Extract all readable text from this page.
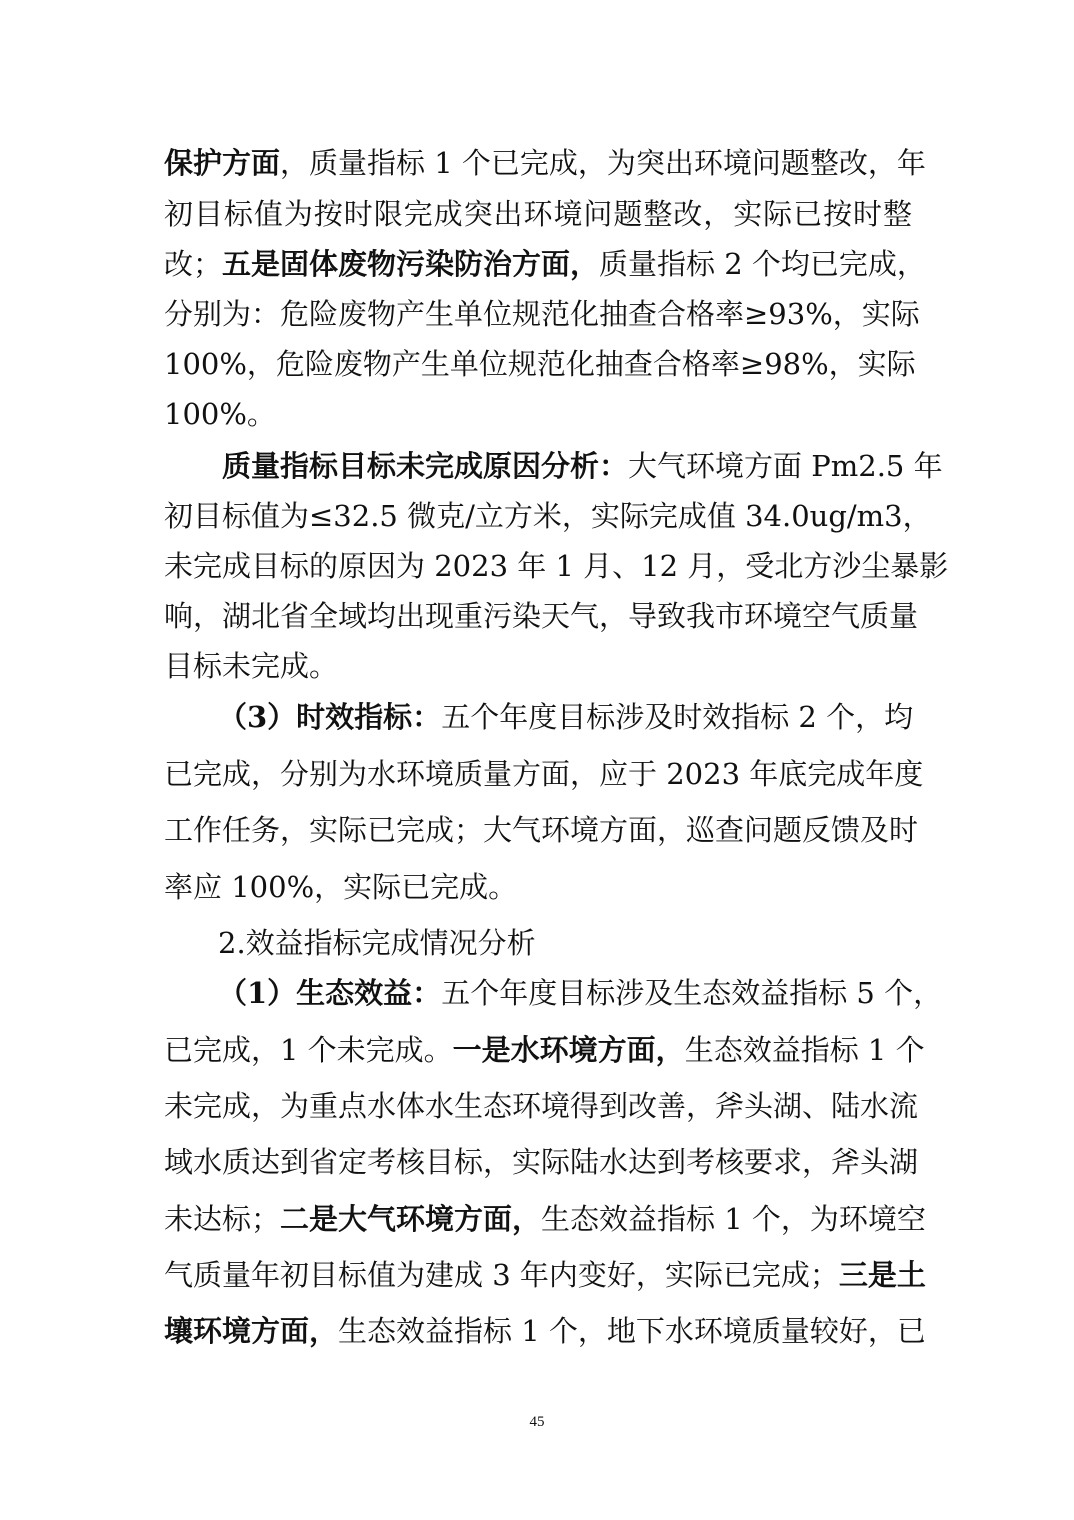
保护方面，质量指标 1 个已完成，为突出环境问题整改，年
初目标值为按时限完成突出环境问题整改，实际已按时整
改；五是固体废物污染防治方面，质量指标 2 个均已完成，
分别为：危险废物产生单位规范化抽查合格率≥93%，实际
100%，危险废物产生单位规范化抽查合格率≥98%，实际
100%。
质量指标目标未完成原因分析：大气环境方面 Pm2.5 年
初目标值为≤32.5 微克/立方米，实际完成值 34.0ug/m3，
未完成目标的原因为 2023 年 1 月、12 月，受北方沙尘暴影
响，湖北省全域均出现重污染天气，导致我市环境空气质量
目标未完成。
（3）时效指标：五个年度目标涉及时效指标 2 个，均
已完成，分别为水环境质量方面，应于 2023 年底完成年度
工作任务，实际已完成；大气环境方面，巡查问题反馈及时
率应 100%，实际已完成。
2.效益指标完成情况分析
（1）生态效益：五个年度目标涉及生态效益指标 5 个，
已完成，1 个未完成。一是水环境方面，生态效益指标 1 个
未完成，为重点水体水生态环境得到改善，斧头湖、陆水流
域水质达到省定考核目标，实际陆水达到考核要求，斧头湖
未达标；二是大气环境方面，生态效益指标 1 个，为环境空
气质量年初目标值为建成 3 年内变好，实际已完成；三是土
壤环境方面，生态效益指标 1 个，地下水环境质量较好，已
45
